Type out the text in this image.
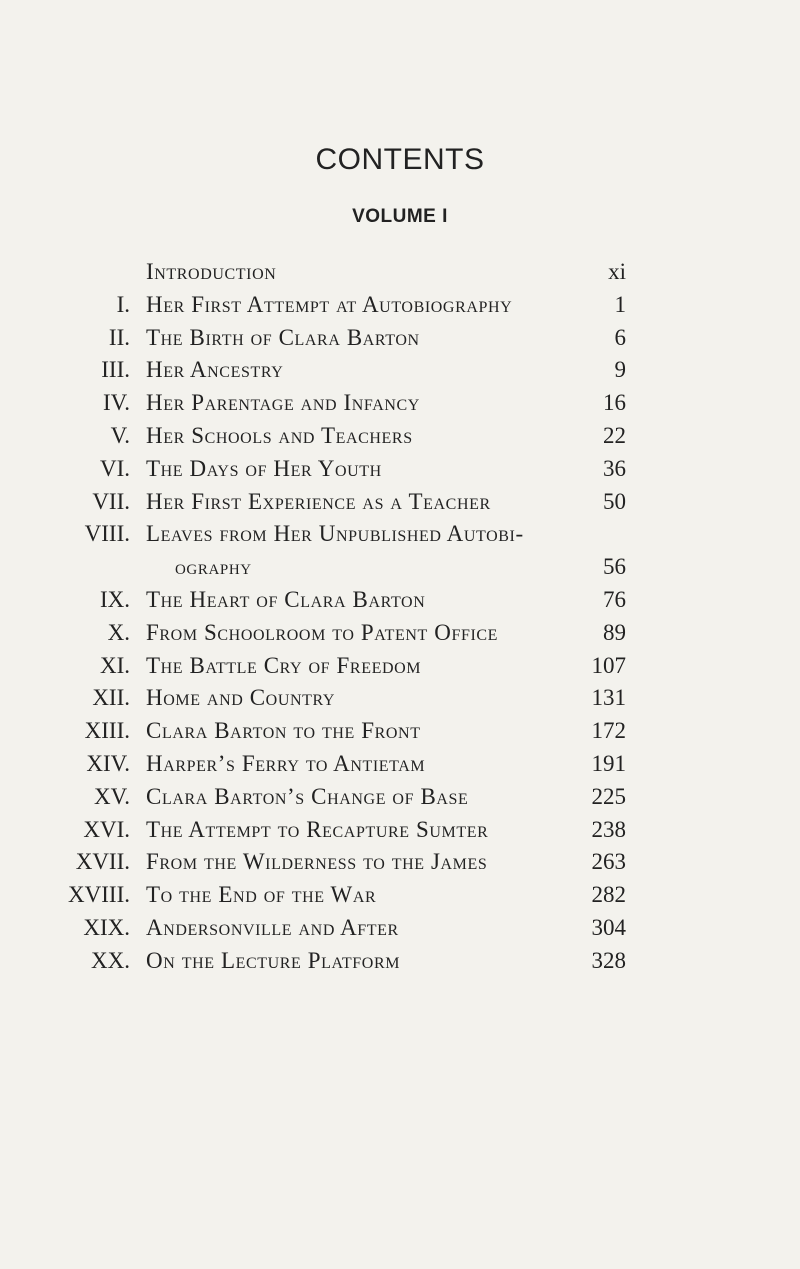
CONTENTS
VOLUME I
Introduction	xi
I. Her First Attempt at Autobiography	1
II. The Birth of Clara Barton	6
III. Her Ancestry	9
IV. Her Parentage and Infancy	16
V. Her Schools and Teachers	22
VI. The Days of Her Youth	36
VII. Her First Experience as a Teacher	50
VIII. Leaves from Her Unpublished Autobi-
ography	56
IX. The Heart of Clara Barton	76
X. From Schoolroom to Patent Office	89
XI. The Battle Cry of Freedom	107
XII. Home and Country	131
XIII. Clara Barton to the Front	172
XIV. Harper’s Ferry to Antietam	191
XV. Clara Barton’s Change of Base	225
XVI. The Attempt to Recapture Sumter	238
XVII. From the Wilderness to the James	263
XVIII. To the End of the War	282
XIX. Andersonville and After	304
XX. On the Lecture Platform	328
